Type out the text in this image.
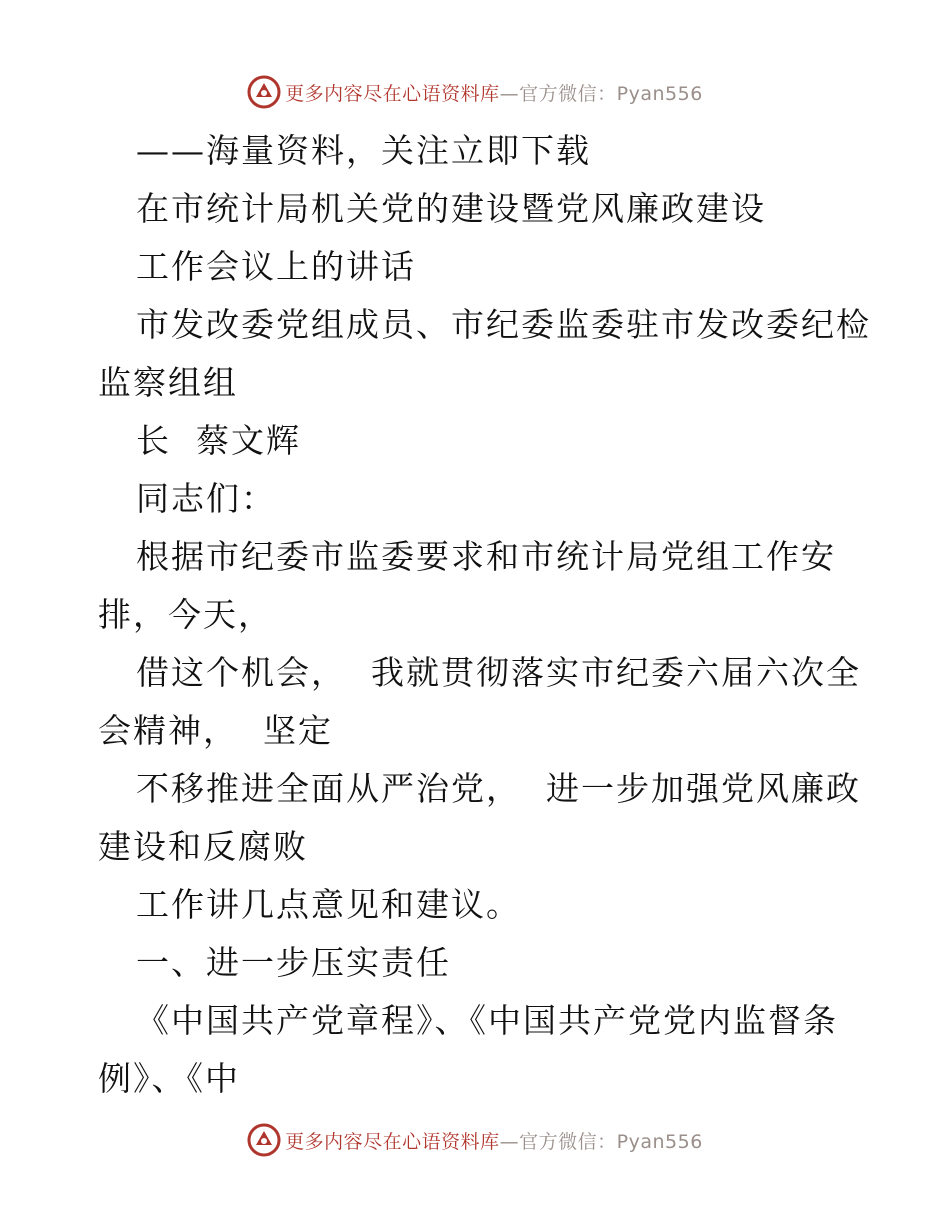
更多内容尽在心语资料库—官方微信：Pyan556
——海量资料，关注立即下载
在市统计局机关党的建设暨党风廉政建设
工作会议上的讲话
市发改委党组成员、市纪委监委驻市发改委纪检
监察组组
长  蔡文辉
同志们：
根据市纪委市监委要求和市统计局党组工作安
排，今天，
借这个机会，  我就贯彻落实市纪委六届六次全
会精神，  坚定
不移推进全面从严治党，  进一步加强党风廉政
建设和反腐败
工作讲几点意见和建议。
一、进一步压实责任
《中国共产党章程》、《中国共产党党内监督条
例》、《中
更多内容尽在心语资料库—官方微信：Pyan556
